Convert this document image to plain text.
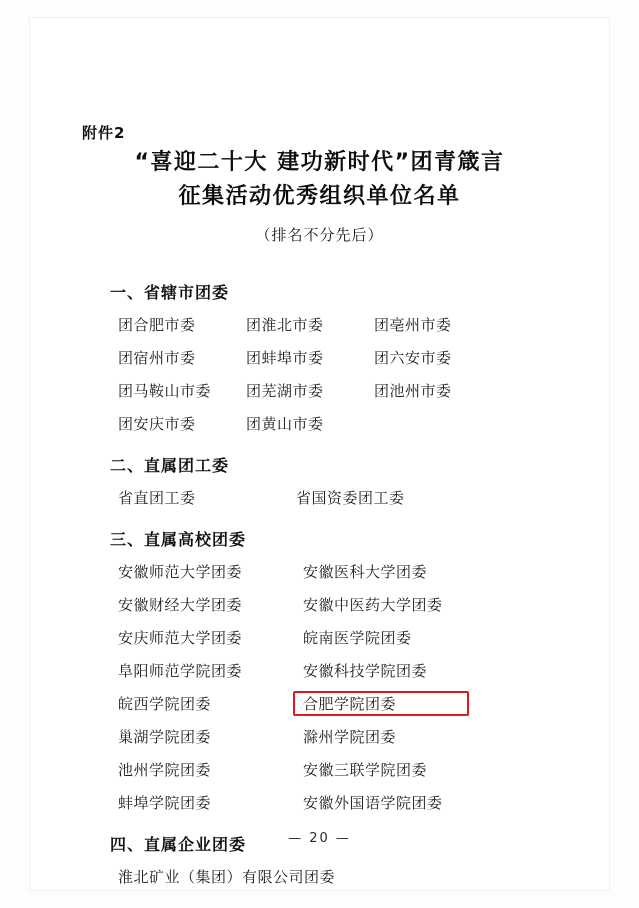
附件2
“喜迎二十大 建功新时代”团青箴言
征集活动优秀组织单位名单
（排名不分先后）
一、省辖市团委
团合肥市委	团淮北市委	团亳州市委
团宿州市委	团蚌埠市委	团六安市委
团马鞍山市委	团芜湖市委	团池州市委
团安庆市委	团黄山市委
二、直属团工委
省直团工委	省国资委团工委
三、直属高校团委
安徽师范大学团委	安徽医科大学团委
安徽财经大学团委	安徽中医药大学团委
安庆师范大学团委	皖南医学院团委
阜阳师范学院团委	安徽科技学院团委
皖西学院团委	合肥学院团委
巢湖学院团委	滁州学院团委
池州学院团委	安徽三联学院团委
蚌埠学院团委	安徽外国语学院团委
四、直属企业团委
淮北矿业（集团）有限公司团委
— 20 —
